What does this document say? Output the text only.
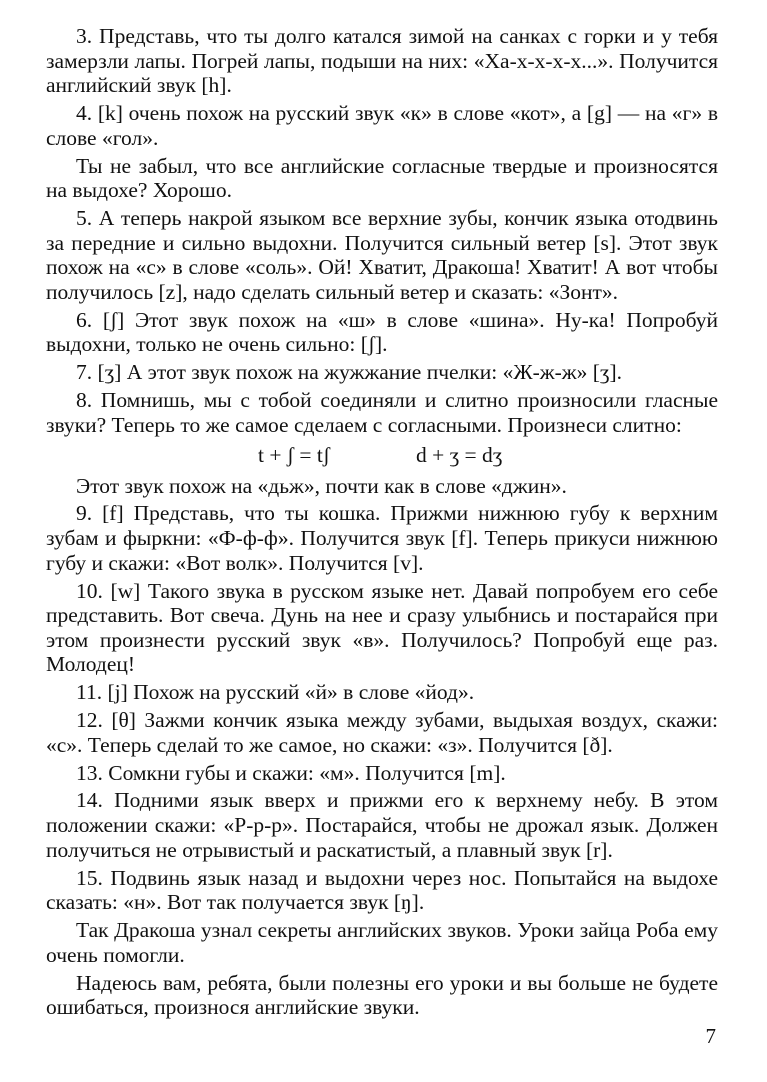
3. Представь, что ты долго катался зимой на санках с горки и у тебя замерзли лапы. Погрей лапы, подыши на них: «Ха-х-х-х-х...». Получится английский звук [h].

4. [k] очень похож на русский звук «к» в слове «кот», а [g] — на «г» в слове «гол».

Ты не забыл, что все английские согласные твердые и произносятся на выдохе? Хорошо.

5. А теперь накрой языком все верхние зубы, кончик языка отодвинь за передние и сильно выдохни. Получится сильный ветер [s]. Этот звук похож на «с» в слове «соль». Ой! Хватит, Дракоша! Хватит! А вот чтобы получилось [z], надо сделать сильный ветер и сказать: «Зонт».

6. [ʃ] Этот звук похож на «ш» в слове «шина». Ну-ка! Попробуй выдохни, только не очень сильно: [ʃ].

7. [ʒ] А этот звук похож на жужжание пчелки: «Ж-ж-ж» [ʒ].

8. Помнишь, мы с тобой соединяли и слитно произносили гласные звуки? Теперь то же самое сделаем с согласными. Произнеси слитно:

t + ʃ = tʃ	d + ʒ = dʒ

Этот звук похож на «дьж», почти как в слове «джин».

9. [f] Представь, что ты кошка. Прижми нижнюю губу к верхним зубам и фыркни: «Ф-ф-ф». Получится звук [f]. Теперь прикуси нижнюю губу и скажи: «Вот волк». Получится [v].

10. [w] Такого звука в русском языке нет. Давай попробуем его себе представить. Вот свеча. Дунь на нее и сразу улыбнись и постарайся при этом произнести русский звук «в». Получилось? Попробуй еще раз. Молодец!

11. [j] Похож на русский «й» в слове «йод».

12. [θ] Зажми кончик языка между зубами, выдыхая воздух, скажи: «с». Теперь сделай то же самое, но скажи: «з». Получится [ð].

13. Сомкни губы и скажи: «м». Получится [m].

14. Подними язык вверх и прижми его к верхнему небу. В этом положении скажи: «Р-р-р». Постарайся, чтобы не дрожал язык. Должен получиться не отрывистый и раскатистый, а плавный звук [r].

15. Подвинь язык назад и выдохни через нос. Попытайся на выдохе сказать: «н». Вот так получается звук [ŋ].

Так Дракоша узнал секреты английских звуков. Уроки зайца Роба ему очень помогли.

Надеюсь вам, ребята, были полезны его уроки и вы больше не будете ошибаться, произнося английские звуки.

7
